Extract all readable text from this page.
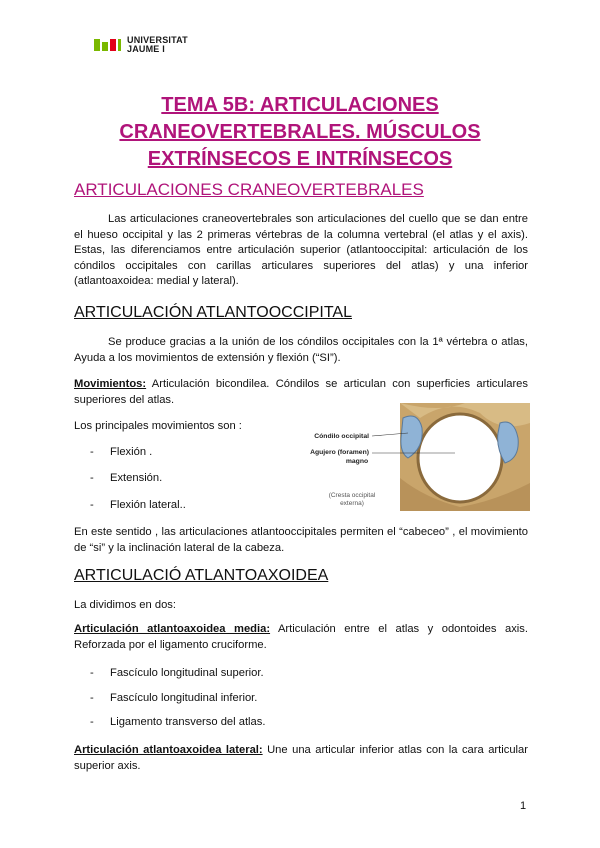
UNIVERSITAT
JAUME I
TEMA 5B: ARTICULACIONES
CRANEOVERTEBRALES. MÚSCULOS
EXTRÍNSECOS E INTRÍNSECOS
ARTICULACIONES CRANEOVERTEBRALES
Las articulaciones craneovertebrales son articulaciones del cuello que se dan entre el hueso occipital y las 2 primeras vértebras de la columna vertebral (el atlas y el axis). Estas, las diferenciamos entre articulación superior (atlantooccipital: articulación de los cóndilos occipitales con carillas articulares superiores del atlas) y una inferior (atlantoaxoidea: medial y lateral).
ARTICULACIÓN ATLANTOOCCIPITAL
Se produce gracias a la unión de los cóndilos occipitales con la 1ª vértebra o atlas, Ayuda a los movimientos de extensión y flexión (“SI”).
Movimientos: Articulación bicondilea. Cóndilos se articulan con superficies articulares superiores del atlas.
Los principales movimientos son :
- Flexión .
- Extensión.
- Flexión lateral..
Cóndilo occipital
Agujero (foramen)
magno
(Cresta occipital
externa)
En este sentido , las articulaciones atlantooccipitales permiten el “cabeceo” , el movimiento de “si” y la inclinación lateral de la cabeza.
ARTICULACIÓ ATLANTOAXOIDEA
La dividimos en dos:
Articulación atlantoaxoidea media: Articulación entre el atlas y odontoides axis. Reforzada por el ligamento cruciforme.
- Fascículo longitudinal superior.
- Fascículo longitudinal inferior.
- Ligamento transverso del atlas.
Articulación atlantoaxoidea lateral: Une una articular inferior atlas con la cara articular superior axis.
1
